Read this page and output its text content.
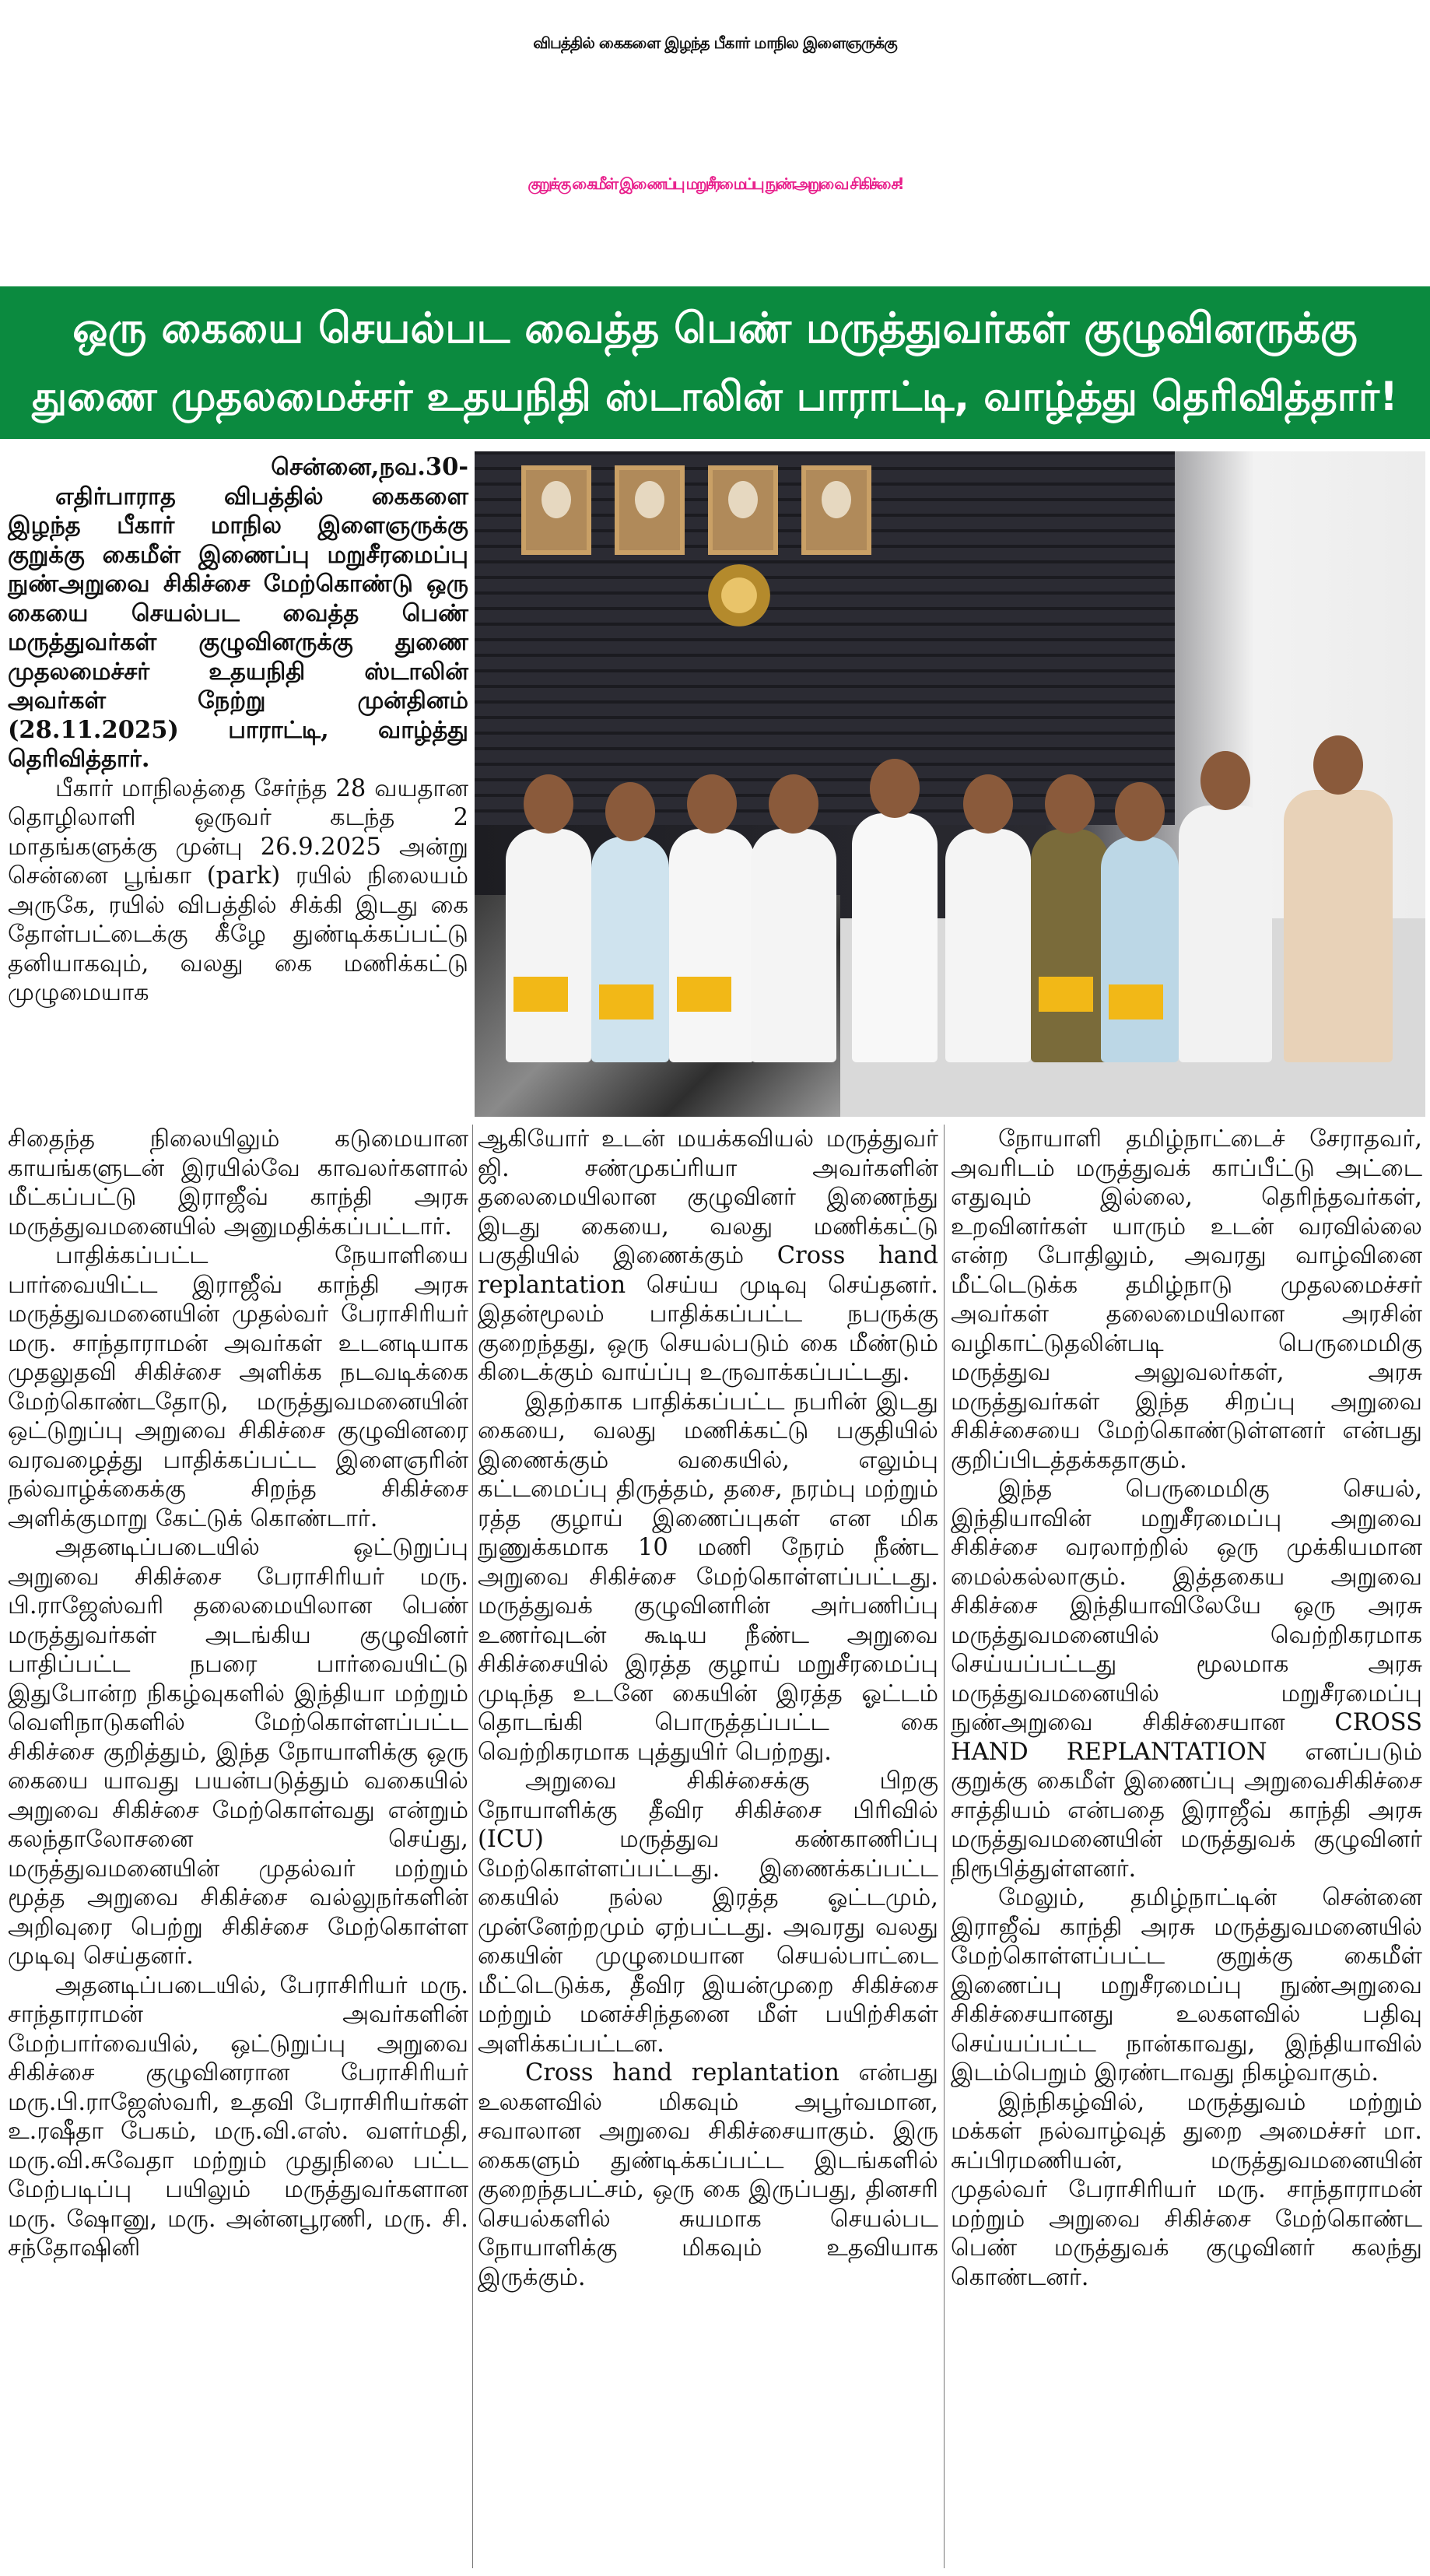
விபத்தில் கைகளை இழந்த பீகார் மாநில இளைஞருக்கு
குறுக்கு கைமீள் இணைப்பு மறுசீரமைப்பு நுண்அறுவை சிகிச்சை!
ஒரு கையை செயல்பட வைத்த பெண் மருத்துவர்கள் குழுவினருக்கு
துணை முதலமைச்சர் உதயநிதி ஸ்டாலின் பாராட்டி, வாழ்த்து தெரிவித்தார்!

சென்னை,நவ.30-

எதிர்பாராத விபத்தில் கைகளை இழந்த பீகார் மாநில இளைஞருக்கு குறுக்கு கைமீள் இணைப்பு மறுசீரமைப்பு நுண்அறுவை சிகிச்சை மேற்கொண்டு ஒரு கையை செயல்பட வைத்த பெண் மருத்துவர்கள் குழுவினருக்கு துணை முதலமைச்சர் உதயநிதி ஸ்டாலின் அவர்கள் நேற்று முன்தினம் (28.11.2025) பாராட்டி, வாழ்த்து தெரிவித்தார்.

பீகார் மாநிலத்தை சேர்ந்த 28 வயதான தொழிலாளி ஒருவர் கடந்த 2 மாதங்களுக்கு முன்பு 26.9.2025 அன்று சென்னை பூங்கா (park) ரயில் நிலையம் அருகே, ரயில் விபத்தில் சிக்கி இடது கை தோள்பட்டைக்கு கீழே துண்டிக்கப்பட்டு தனியாகவும், வலது கை மணிக்கட்டு முழுமையாக

சிதைந்த நிலையிலும் கடுமையான காயங்களுடன் இரயில்வே காவலர்களால் மீட்கப்பட்டு இராஜீவ் காந்தி அரசு மருத்துவமனையில் அனுமதிக்கப்பட்டார்.

பாதிக்கப்பட்ட நேயாளியை பார்வையிட்ட இராஜீவ் காந்தி அரசு மருத்துவமனையின் முதல்வர் பேராசிரியர் மரு. சாந்தாராமன் அவர்கள் உடனடியாக முதலுதவி சிகிச்சை அளிக்க நடவடிக்கை மேற்கொண்டதோடு, மருத்துவமனையின் ஒட்டுறுப்பு அறுவை சிகிச்சை குழுவினரை வரவழைத்து பாதிக்கப்பட்ட இளைஞரின் நல்வாழ்க்கைக்கு சிறந்த சிகிச்சை அளிக்குமாறு கேட்டுக் கொண்டார்.

அதனடிப்படையில் ஒட்டுறுப்பு அறுவை சிகிச்சை பேராசிரியர் மரு. பி.ராஜேஸ்வரி தலைமையிலான பெண் மருத்துவர்கள் அடங்கிய குழுவினர் பாதிப்பட்ட நபரை பார்வையிட்டு இதுபோன்ற நிகழ்வுகளில் இந்தியா மற்றும் வெளிநாடுகளில் மேற்கொள்ளப்பட்ட சிகிச்சை குறித்தும், இந்த நோயாளிக்கு ஒரு கையை யாவது பயன்படுத்தும் வகையில் அறுவை சிகிச்சை மேற்கொள்வது என்றும் கலந்தாலோசனை செய்து, மருத்துவமனையின் முதல்வர் மற்றும் மூத்த அறுவை சிகிச்சை வல்லுநர்களின் அறிவுரை பெற்று சிகிச்சை மேற்கொள்ள முடிவு செய்தனர்.

அதனடிப்படையில், பேராசிரியர் மரு. சாந்தாராமன் அவர்களின் மேற்பார்வையில், ஒட்டுறுப்பு அறுவை சிகிச்சை குழுவினரான பேராசிரியர் மரு.பி.ராஜேஸ்வரி, உதவி பேராசிரியர்கள் உ.ரஷீதா பேகம், மரு.வி.எஸ். வளர்மதி, மரு.வி.சுவேதா மற்றும் முதுநிலை பட்ட மேற்படிப்பு பயிலும் மருத்துவர்களான மரு. ஷோனு, மரு. அன்னபூரணி, மரு. சி. சந்தோஷினி

ஆகியோர் உடன் மயக்கவியல் மருத்துவர் ஜி. சண்முகப்ரியா அவர்களின் தலைமையிலான குழுவினர் இணைந்து இடது கையை, வலது மணிக்கட்டு பகுதியில் இணைக்கும் Cross hand replantation செய்ய முடிவு செய்தனர். இதன்மூலம் பாதிக்கப்பட்ட நபருக்கு குறைந்தது, ஒரு செயல்படும் கை மீண்டும் கிடைக்கும் வாய்ப்பு உருவாக்கப்பட்டது.

இதற்காக பாதிக்கப்பட்ட நபரின் இடது கையை, வலது மணிக்கட்டு பகுதியில் இணைக்கும் வகையில், எலும்பு கட்டமைப்பு திருத்தம், தசை, நரம்பு மற்றும் ரத்த குழாய் இணைப்புகள் என மிக நுணுக்கமாக 10 மணி நேரம் நீண்ட அறுவை சிகிச்சை மேற்கொள்ளப்பட்டது. மருத்துவக் குழுவினரின் அர்பணிப்பு உணர்வுடன் கூடிய நீண்ட அறுவை சிகிச்சையில் இரத்த குழாய் மறுசீரமைப்பு முடிந்த உடனே கையின் இரத்த ஓட்டம் தொடங்கி பொருத்தப்பட்ட கை வெற்றிகரமாக புத்துயிர் பெற்றது.

அறுவை சிகிச்சைக்கு பிறகு நோயாளிக்கு தீவிர சிகிச்சை பிரிவில் (ICU) மருத்துவ கண்காணிப்பு மேற்கொள்ளப்பட்டது. இணைக்கப்பட்ட கையில் நல்ல இரத்த ஓட்டமும், முன்னேற்றமும் ஏற்பட்டது. அவரது வலது கையின் முழுமையான செயல்பாட்டை மீட்டெடுக்க, தீவிர இயன்முறை சிகிச்சை மற்றும் மனச்சிந்தனை மீள் பயிற்சிகள் அளிக்கப்பட்டன.

Cross hand replantation என்பது உலகளவில் மிகவும் அபூர்வமான, சவாலான அறுவை சிகிச்சையாகும். இரு கைகளும் துண்டிக்கப்பட்ட இடங்களில் குறைந்தபட்சம், ஒரு கை இருப்பது, தினசரி செயல்களில் சுயமாக செயல்பட நோயாளிக்கு மிகவும் உதவியாக இருக்கும்.

நோயாளி தமிழ்நாட்டைச் சேராதவர், அவரிடம் மருத்துவக் காப்பீட்டு அட்டை எதுவும் இல்லை, தெரிந்தவர்கள், உறவினர்கள் யாரும் உடன் வரவில்லை என்ற போதிலும், அவரது வாழ்வினை மீட்டெடுக்க தமிழ்நாடு முதலமைச்சர் அவர்கள் தலைமையிலான அரசின் வழிகாட்டுதலின்படி பெருமைமிகு மருத்துவ அலுவலர்கள், அரசு மருத்துவர்கள் இந்த சிறப்பு அறுவை சிகிச்சையை மேற்கொண்டுள்ளனர் என்பது குறிப்பிடத்தக்கதாகும்.

இந்த பெருமைமிகு செயல், இந்தியாவின் மறுசீரமைப்பு அறுவை சிகிச்சை வரலாற்றில் ஒரு முக்கியமான மைல்கல்லாகும். இத்தகைய அறுவை சிகிச்சை இந்தியாவிலேயே ஒரு அரசு மருத்துவமனையில் வெற்றிகரமாக செய்யப்பட்டது மூலமாக அரசு மருத்துவமனையில் மறுசீரமைப்பு நுண்அறுவை சிகிச்சையான CROSS HAND REPLANTATION எனப்படும் குறுக்கு கைமீள் இணைப்பு அறுவைசிகிச்சை சாத்தியம் என்பதை இராஜீவ் காந்தி அரசு மருத்துவமனையின் மருத்துவக் குழுவினர் நிரூபித்துள்ளனர்.

மேலும், தமிழ்நாட்டின் சென்னை இராஜீவ் காந்தி அரசு மருத்துவமனையில் மேற்கொள்ளப்பட்ட குறுக்கு கைமீள் இணைப்பு மறுசீரமைப்பு நுண்அறுவை சிகிச்சையானது உலகளவில் பதிவு செய்யப்பட்ட நான்காவது, இந்தியாவில் இடம்பெறும் இரண்டாவது நிகழ்வாகும்.

இந்நிகழ்வில், மருத்துவம் மற்றும் மக்கள் நல்வாழ்வுத் துறை அமைச்சர் மா. சுப்பிரமணியன், மருத்துவமனையின் முதல்வர் பேராசிரியர் மரு. சாந்தாராமன் மற்றும் அறுவை சிகிச்சை மேற்கொண்ட பெண் மருத்துவக் குழுவினர் கலந்து கொண்டனர்.
